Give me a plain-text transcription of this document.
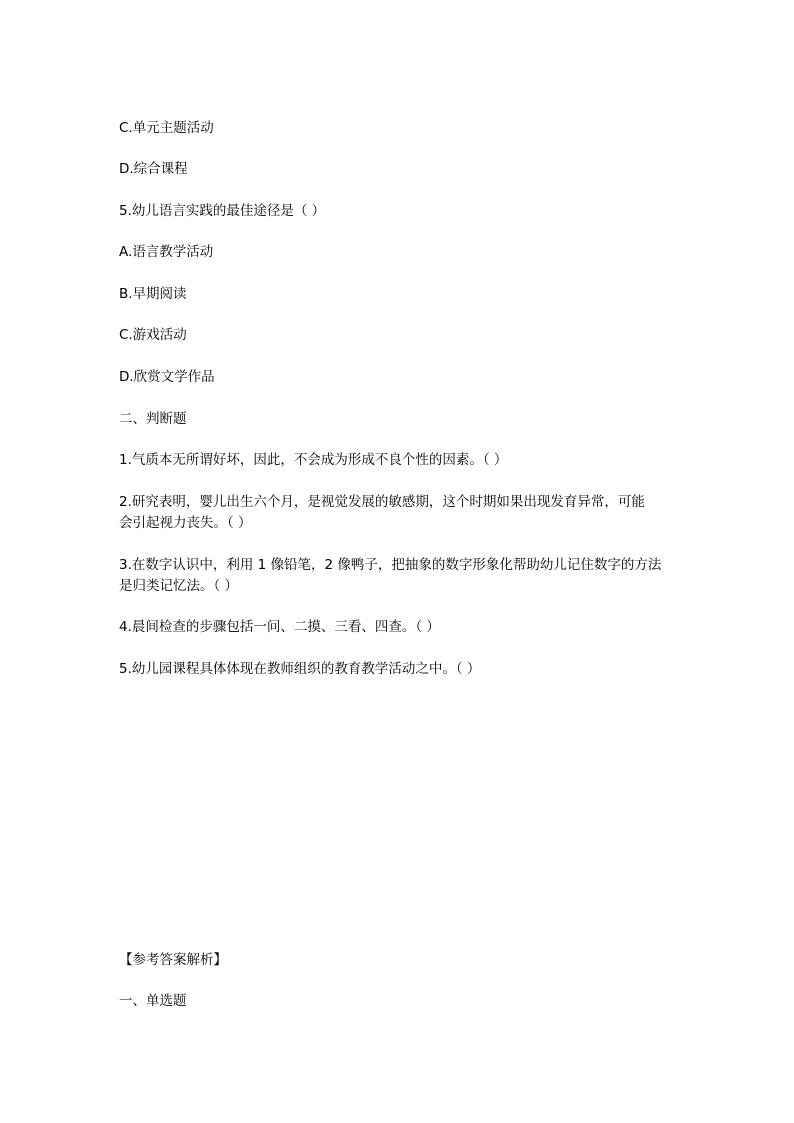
C.单元主题活动
D.综合课程
5.幼儿语言实践的最佳途径是（ ）
A.语言教学活动
B.早期阅读
C.游戏活动
D.欣赏文学作品
二、判断题
1.气质本无所谓好坏，因此，不会成为形成不良个性的因素。（ ）
2.研究表明，婴儿出生六个月，是视觉发展的敏感期，这个时期如果出现发育异常，可能
会引起视力丧失。（ ）
3.在数字认识中，利用 1 像铅笔，2 像鸭子，把抽象的数字形象化帮助幼儿记住数字的方法
是归类记忆法。（ ）
4.晨间检查的步骤包括一问、二摸、三看、四查。（ ）
5.幼儿园课程具体体现在教师组织的教育教学活动之中。（ ）
【参考答案解析】
一、单选题
